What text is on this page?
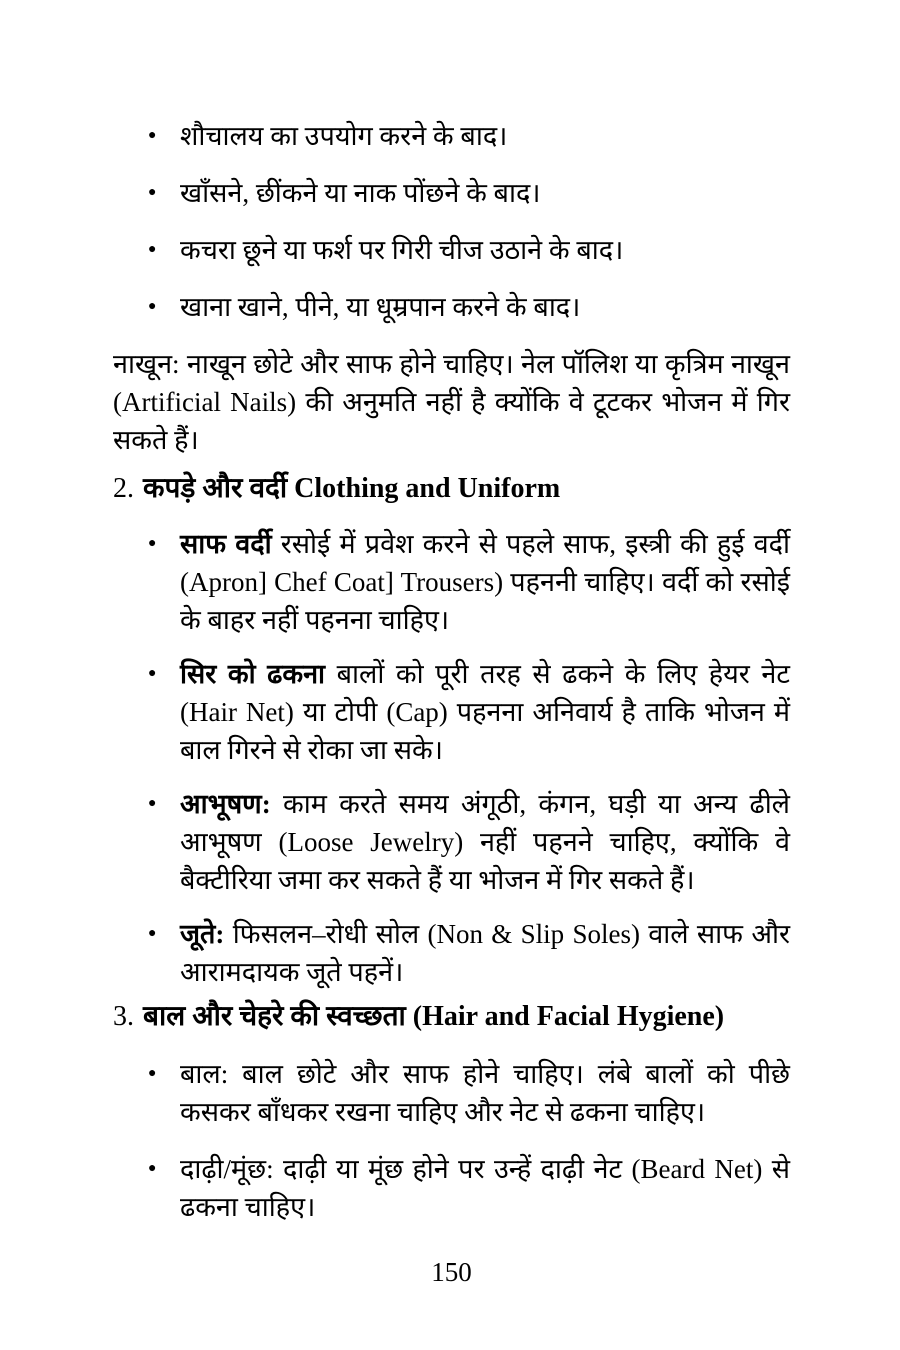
● शौचालय का उपयोग करने के बाद।

● खाँसने, छींकने या नाक पोंछने के बाद।

● कचरा छूने या फर्श पर गिरी चीज उठाने के बाद।

● खाना खाने, पीने, या धूम्रपान करने के बाद।

नाखून: नाखून छोटे और साफ होने चाहिए। नेल पॉलिश या कृत्रिम नाखून (Artificial Nails) की अनुमति नहीं है क्योंकि वे टूटकर भोजन में गिर सकते हैं।

2. कपड़े और वर्दी Clothing and Uniform
● साफ वर्दी रसोई में प्रवेश करने से पहले साफ, इस्त्री की हुई वर्दी (Apron] Chef Coat] Trousers) पहननी चाहिए। वर्दी को रसोई के बाहर नहीं पहनना चाहिए।

● सिर को ढकना बालों को पूरी तरह से ढकने के लिए हेयर नेट (Hair Net) या टोपी (Cap) पहनना अनिवार्य है ताकि भोजन में बाल गिरने से रोका जा सके।

● आभूषण: काम करते समय अंगूठी, कंगन, घड़ी या अन्य ढीले आभूषण (Loose Jewelry) नहीं पहनने चाहिए, क्योंकि वे बैक्टीरिया जमा कर सकते हैं या भोजन में गिर सकते हैं।

● जूते: फिसलन–रोधी सोल (Non & Slip Soles) वाले साफ और आरामदायक जूते पहनें।

3. बाल और चेहरे की स्वच्छता (Hair and Facial Hygiene)
● बाल: बाल छोटे और साफ होने चाहिए। लंबे बालों को पीछे कसकर बाँधकर रखना चाहिए और नेट से ढकना चाहिए।

● दाढ़ी/मूंछ: दाढ़ी या मूंछ होने पर उन्हें दाढ़ी नेट (Beard Net) से ढकना चाहिए।

150
